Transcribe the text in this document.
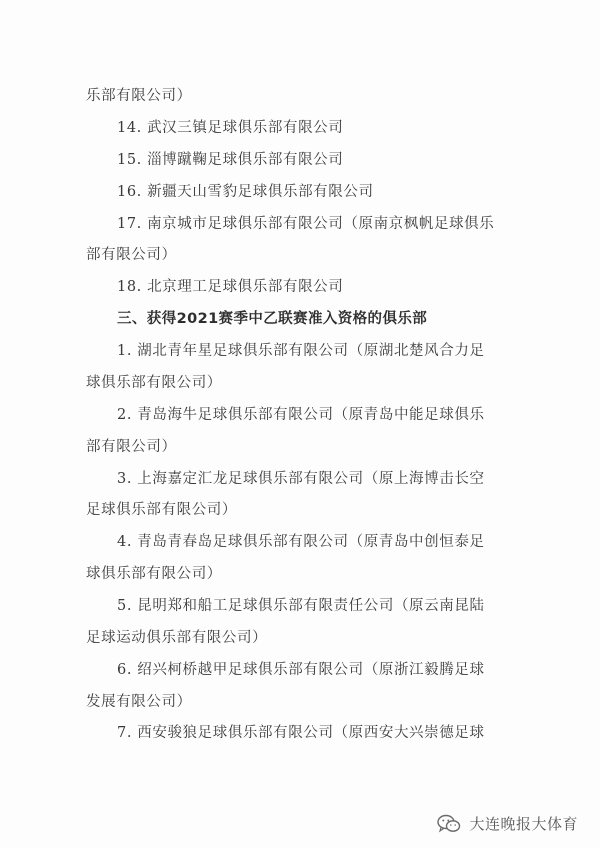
乐部有限公司）
14. 武汉三镇足球俱乐部有限公司
15. 淄博蹴鞠足球俱乐部有限公司
16. 新疆天山雪豹足球俱乐部有限公司
17. 南京城市足球俱乐部有限公司（原南京枫帆足球俱乐
部有限公司）
18. 北京理工足球俱乐部有限公司
三、获得2021赛季中乙联赛准入资格的俱乐部
1. 湖北青年星足球俱乐部有限公司（原湖北楚风合力足
球俱乐部有限公司）
2. 青岛海牛足球俱乐部有限公司（原青岛中能足球俱乐
部有限公司）
3. 上海嘉定汇龙足球俱乐部有限公司（原上海博击长空
足球俱乐部有限公司）
4. 青岛青春岛足球俱乐部有限公司（原青岛中创恒泰足
球俱乐部有限公司）
5. 昆明郑和船工足球俱乐部有限责任公司（原云南昆陆
足球运动俱乐部有限公司）
6. 绍兴柯桥越甲足球俱乐部有限公司（原浙江毅腾足球
发展有限公司）
7. 西安骏狼足球俱乐部有限公司（原西安大兴崇德足球
大连晚报大体育
